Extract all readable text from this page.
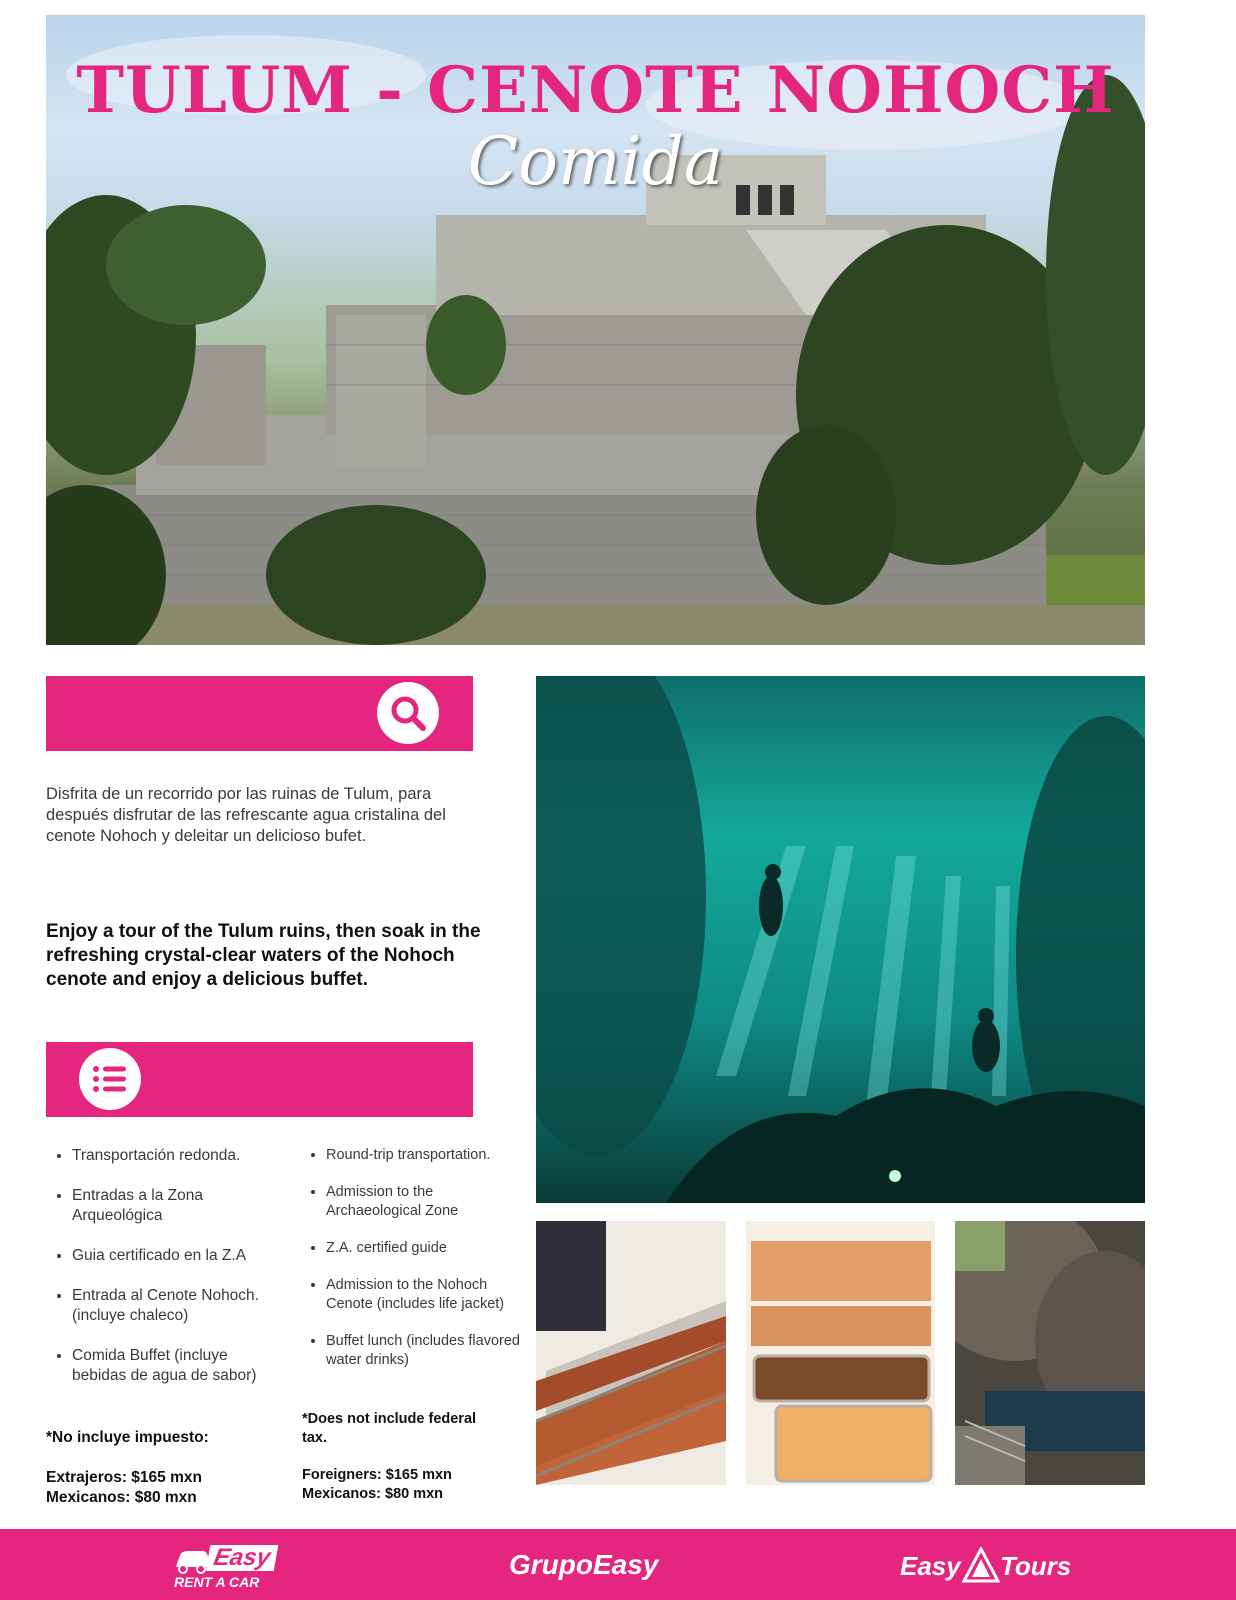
TULUM - CENOTE NOHOCH
Comida
Disfrita de un recorrido por las ruinas de Tulum, para después disfrutar de las refrescante agua cristalina del cenote Nohoch y deleitar un delicioso bufet.
Enjoy a tour of the Tulum ruins, then soak in the refreshing crystal-clear waters of the Nohoch cenote and enjoy a delicious buffet.
• Transportación redonda.
• Entradas a la Zona Arqueológica
• Guia certificado en la Z.A
• Entrada al Cenote Nohoch. (incluye chaleco)
• Comida Buffet (incluye bebidas de agua de sabor)
• Round-trip transportation.
• Admission to the Archaeological Zone
• Z.A. certified guide
• Admission to the Nohoch Cenote (includes life jacket)
• Buffet lunch (includes flavored water drinks)
*No incluye impuesto:
Extrajeros: $165 mxn
Mexicanos: $80 mxn
*Does not include federal tax.
Foreigners: $165 mxn
Mexicanos: $80 mxn
Easy
RENT A CAR
GrupoEasy	Easy Tours
